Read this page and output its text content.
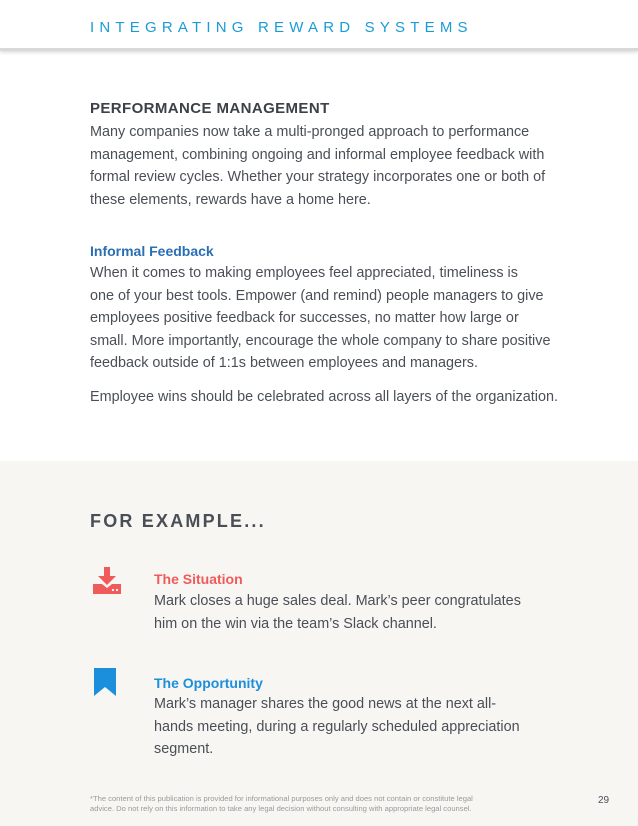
INTEGRATING REWARD SYSTEMS
PERFORMANCE MANAGEMENT
Many companies now take a multi-pronged approach to performance
management, combining ongoing and informal employee feedback with
formal review cycles. Whether your strategy incorporates one or both of
these elements, rewards have a home here.
Informal Feedback
When it comes to making employees feel appreciated, timeliness is
one of your best tools. Empower (and remind) people managers to give
employees positive feedback for successes, no matter how large or
small. More importantly, encourage the whole company to share positive
feedback outside of 1:1s between employees and managers.
Employee wins should be celebrated across all layers of the organization.
FOR EXAMPLE...
The Situation
Mark closes a huge sales deal. Mark’s peer congratulates
him on the win via the team’s Slack channel.
The Opportunity
Mark’s manager shares the good news at the next all-
hands meeting, during a regularly scheduled appreciation
segment.
*The content of this publication is provided for informational purposes only and does not contain or constitute legal
advice. Do not rely on this information to take any legal decision without consulting with appropriate legal counsel.
29
